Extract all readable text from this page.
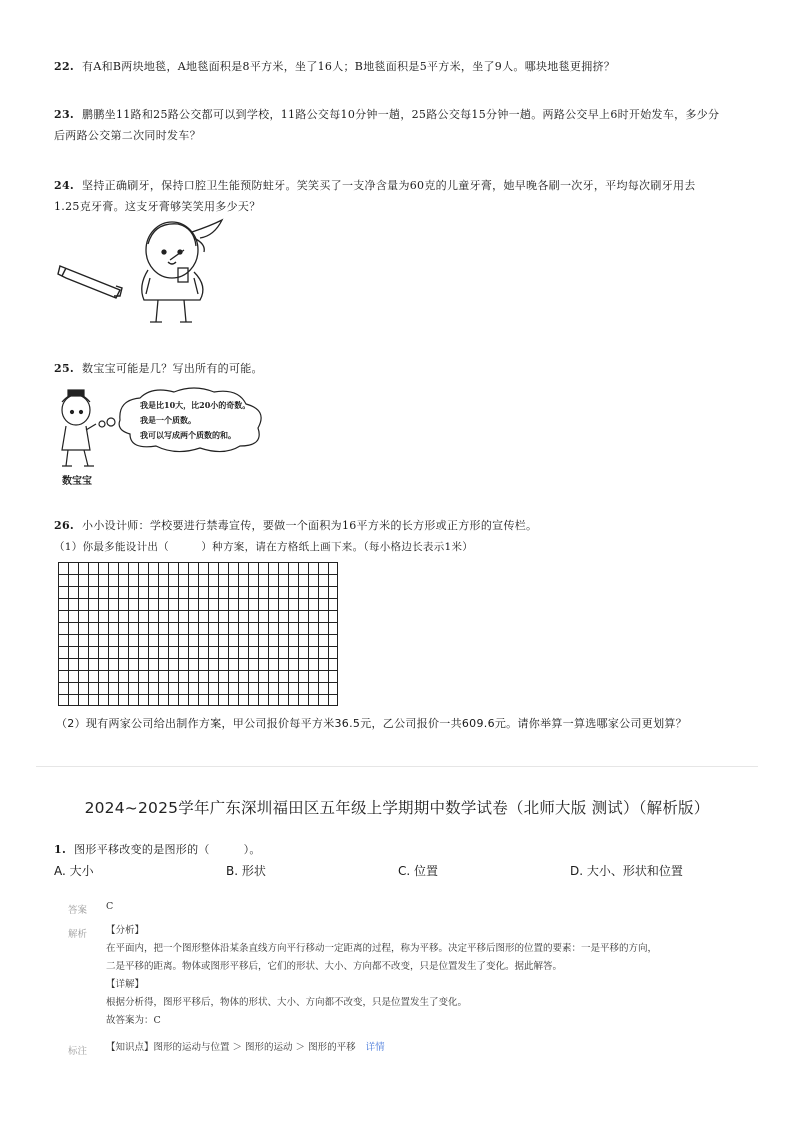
22. 有A和B两块地毯，A地毯面积是8平方米，坐了16人；B地毯面积是5平方米，坐了9人。哪块地毯更拥挤？
23. 鹏鹏坐11路和25路公交都可以到学校，11路公交每10分钟一趟，25路公交每15分钟一趟。两路公交早上6时开始发车，多少分
后两路公交第二次同时发车？
24. 坚持正确刷牙，保持口腔卫生能预防蛀牙。笑笑买了一支净含量为60克的儿童牙膏，她早晚各刷一次牙，平均每次刷牙用去
1.25克牙膏。这支牙膏够笑笑用多少天？
25. 数宝宝可能是几？写出所有的可能。
数宝宝
我是比10大，比20小的奇数。
我是一个质数。
我可以写成两个质数的和。
26. 小小设计师：学校要进行禁毒宣传，要做一个面积为16平方米的长方形或正方形的宣传栏。
（1）你最多能设计出（　　　）种方案，请在方格纸上画下来。（每小格边长表示1米）
（2）现有两家公司给出制作方案，甲公司报价每平方米36.5元，乙公司报价一共609.6元。请你举算一算选哪家公司更划算？
2024~2025学年广东深圳福田区五年级上学期期中数学试卷（北师大版 测试）（解析版）
1. 图形平移改变的是图形的（　　　）。
A. 大小	B. 形状	C. 位置	D. 大小、形状和位置
答案 C
解析 【分析】
在平面内，把一个图形整体沿某条直线方向平行移动一定距离的过程，称为平移。决定平移后图形的位置的要素：一是平移的方向，
二是平移的距离。物体或图形平移后，它们的形状、大小、方向都不改变，只是位置发生了变化。据此解答。
【详解】
根据分析得，图形平移后，物体的形状、大小、方向都不改变，只是位置发生了变化。
故答案为：C
标注 【知识点】图形的运动与位置 ＞ 图形的运动 ＞ 图形的平移 详情
